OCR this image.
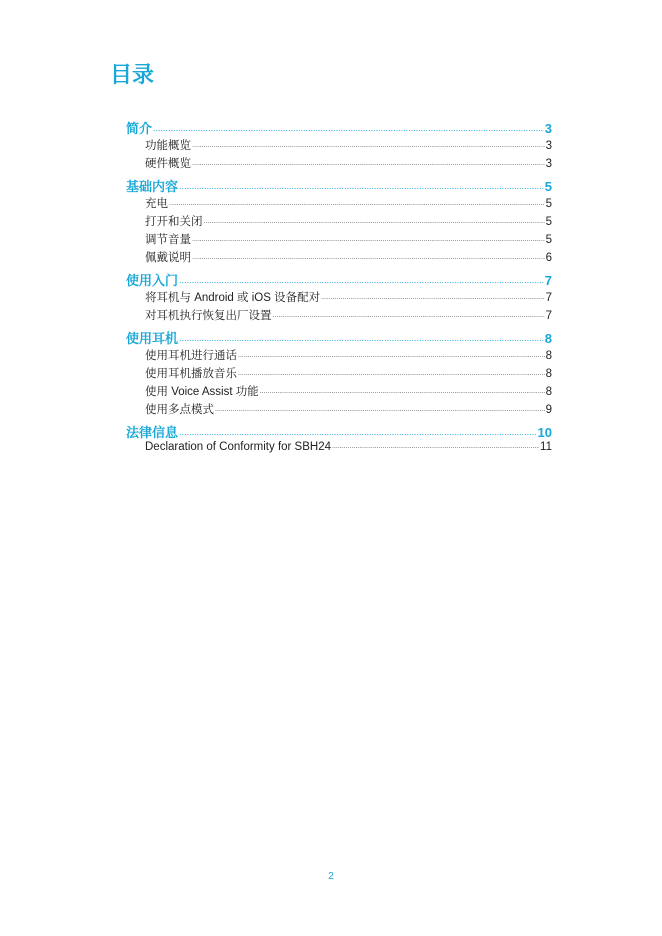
目录
简介 .....	3
功能概览 .....	3
硬件概览 .....	3
基础内容 .....	5
充电 .....	5
打开和关闭 .....	5
调节音量 .....	5
佩戴说明 .....	6
使用入门 .....	7
将耳机与 Android 或 iOS 设备配对 .....	7
对耳机执行恢复出厂设置 .....	7
使用耳机 .....	8
使用耳机进行通话 .....	8
使用耳机播放音乐 .....	8
使用 Voice Assist 功能 .....	8
使用多点模式 .....	9
法律信息 .....	10
Declaration of Conformity for SBH24 .....	11
2
